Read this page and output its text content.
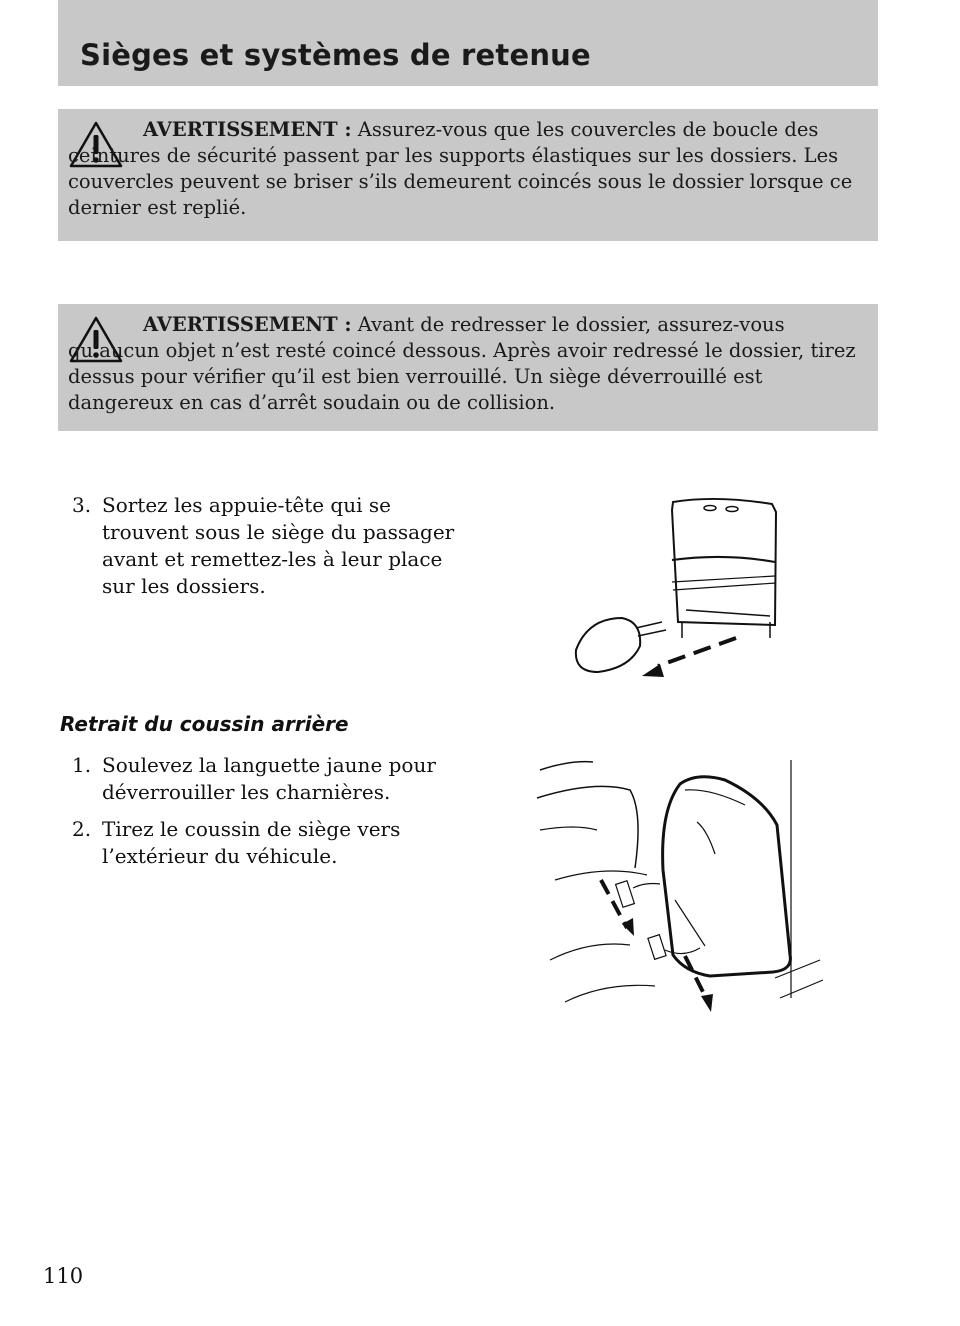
Sièges et systèmes de retenue

AVERTISSEMENT : Assurez-vous que les couvercles de boucle des ceintures de sécurité passent par les supports élastiques sur les dossiers. Les couvercles peuvent se briser s’ils demeurent coincés sous le dossier lorsque ce dernier est replié.

AVERTISSEMENT : Avant de redresser le dossier, assurez-vous qu’aucun objet n’est resté coincé dessous. Après avoir redressé le dossier, tirez dessus pour vérifier qu’il est bien verrouillé. Un siège déverrouillé est dangereux en cas d’arrêt soudain ou de collision.

3. Sortez les appuie-tête qui se trouvent sous le siège du passager avant et remettez-les à leur place sur les dossiers.
Retrait du coussin arrière
1. Soulevez la languette jaune pour déverrouiller les charnières.
2. Tirez le coussin de siège vers l’extérieur du véhicule.
110
